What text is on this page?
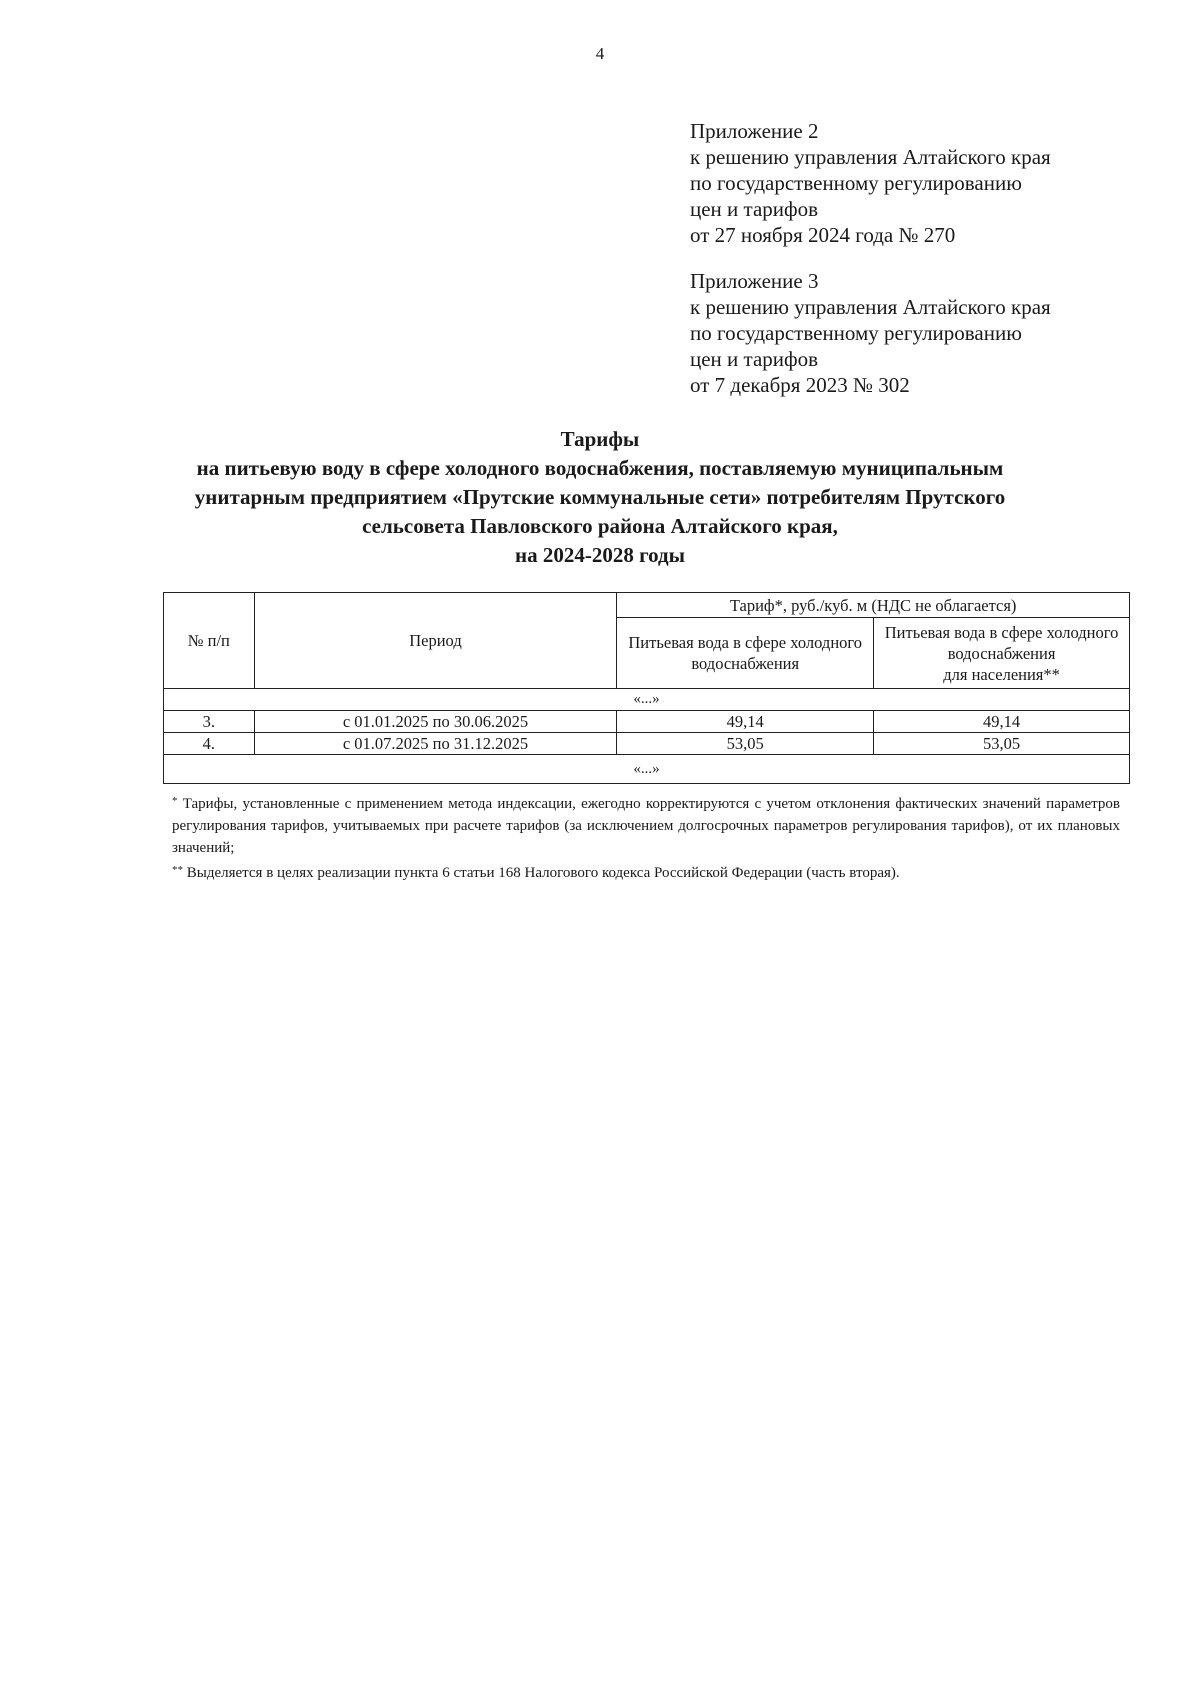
4
Приложение 2
к решению управления Алтайского края
по государственному регулированию
цен и тарифов
от 27 ноября 2024 года № 270
Приложение 3
к решению управления Алтайского края
по государственному регулированию
цен и тарифов
от 7 декабря 2023 № 302
Тарифы
на питьевую воду в сфере холодного водоснабжения, поставляемую муниципальным
унитарным предприятием «Прутские коммунальные сети» потребителям Прутского
сельсовета Павловского района Алтайского края,
на 2024-2028 годы
№ п/п	Период	Тариф*, руб./куб. м (НДС не облагается)	
		Питьевая вода в сфере холодного водоснабжения	Питьевая вода в сфере холодного водоснабжения
для населения**
«...»			
3.	с 01.01.2025 по 30.06.2025	49,14	49,14
4.	с 01.07.2025 по 31.12.2025	53,05	53,05
«...»			

* Тарифы, установленные с применением метода индексации, ежегодно корректируются с учетом отклонения фактических значений параметров регулирования тарифов, учитываемых при расчете тарифов (за исключением долгосрочных параметров регулирования тарифов), от их плановых значений;

** Выделяется в целях реализации пункта 6 статьи 168 Налогового кодекса Российской Федерации (часть вторая).
